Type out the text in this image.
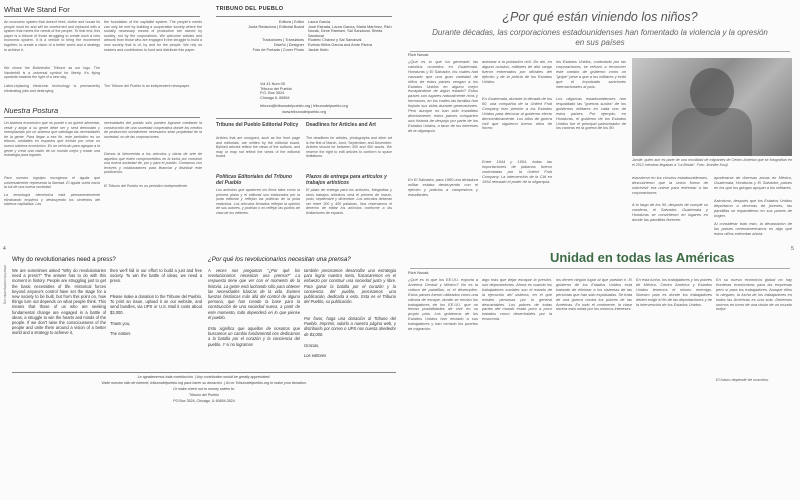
What We Stand For
An economic system that doesn't feed, clothe and house its people must be and will be overturned and replaced with a system that meets the needs of the people. To that end, this paper is a tribune of those struggling to create such a new economic system. It is a vehicle to bring the movement together, to create a vision of a better world and a strategy to achieve it.
We chose the Bolsheviks' Tribune as our logo. The Vanderbilt is a universal symbol for liberty. It's flying upwards towards the light of a new day.
Labor-replacing electronic technology is permanently eliminating jobs and destroying
the foundation of the capitalist system. The people's needs can only be met by building a cooperative society where the socially necessary means of production are owned by society, not by the corporations. We welcome articles and artwork from those who are engaged in the struggle to build a new society that is of, by and for the people. We rely on readers and contributors to fund and distribute this paper.
The Tribune del Pueblo is an independent newspaper.
Nuestra Postura
Un sistema económico que no puede o no quiere alimentar, vestir y alojar a su gente debe ser y será derrocado y reemplazado por un sistema que satisfaga las necesidades de la gente. Para llegar a ese fin, este periódico es un tribuno, unidades en espacios que luchan por crear un nuevo sistema económico. Es un vehículo para agrupar a la gente y crear una visión de un mundo mejor y trazar una estrategia para lograrlo.
Para nuestro logotipo escogimos el águila que universalmente representa la libertad. El águila vuela hacia la luz de una nueva sociedad.
La tecnología electrónica está permanentemente eliminando empleos y destruyendo los cimientos del sistema capitalista. Las
necesidades del pueblo sólo pueden lograrse mediante la construcción de una sociedad cooperativa donde los medios de producción socialmente necesarios sean propiedad de la sociedad, no de las corporaciones.
Damos la bienvenida a los artículos y obras de arte de aquellos que estén comprometidos en la lucha por construir una nueva sociedad de, por y para el pueblo. Contamos con lectores y colaboradores para financiar y distribuir este publicación.
El Tribuno del Pueblo es un periódico independiente.
TRIBUNO DEL PUEBLO
Editora | Editor	Laura García
Junta Redactora | Editorial Board	José Estrada, Laura García, Marla Martínez, Rich Novak, Dene Ramsen, Sal Sandoval, Sheila Sandoval
Traductores | Translators	Roderic Chávez y Sal Sandoval
Diseño | Designer	Evelda Hibbs García and Arnie Rivera
Foto de Portada | Cover Photo	Jackie Kiefo
Vol 41 Num 05
Tribuno del Pueblo
P.O. Box 3524
Chicago IL 60654
tribuno@tribunodelpueblo.org | tribunodelpueblo.org
www.tribunodelpueblo.org
Tribune del Pueblo Editorial Policy
Articles that are unsigned, such as the front page and editorials, are written by the editorial board. Bylined articles reflect the views of the authors, and may or may not reflect the views of the editorial board.
Deadlines for Articles and Art
The deadlines for articles, photographs and other art is the first of March, June, September, and December. Articles should be between 300 and 400 words. We reserve the right to edit articles to conform to space limitations.
Políticas Editoriales del Tribuno del Pueblo
Los artículos que aparecen sin firma tales como la primera plana y el editorial son elaborados por la junta editorial y reflejan las políticas de la junta redactora. Los artículos firmados reflejan la opinión de sus autores, y podrían o no reflejar las puntos de vista de los editores.
Plazos de entrega para artículos y trabajos artísticos
El plazo de entrega para los artículos, fotografías y otros trabajos artísticos será el primero de marzo, junio, septiembre y diciembre. Los artículos deberán ser entre 300 y 400 palabras. Nos reservamos el derecho de editar los artículos conforme a las limitaciones de espacio.
4
www.tribunodelpueblo.org
Why do revolutionaries need a press?
We are sometimes asked "Why do revolutionaries need a press?" The answer has to do with this moment in history. People are struggling just to get the basic necessities of life. Historical forces beyond anyone's control have set the stage for a new society to be built, but from this point on, how things turn out depends on what people think. This means that those of us who are seeking fundamental change are engaged in a battle of ideas, a struggle to win the hearts and minds of the people. If we don't raise the consciousness of the people and unite them around a vision of a better world and a strategy to achieve it,
then we'll fail in our effort to build a just and free society. To win the battle of ideas, we need a press.
Please make a donation to the Tribune del Pueblo. To print an issue, upload it on our website, and send bundles, via UPS or U.S. Mail it costs about $3,000.
Thank you,
The editors
¿Por qué los revolucionarios necesitan una prensa?
A veces nos preguntan "¿Por qué los revolucionarios necesitan una prensa?" La respuesta tiene que ver con el momento de la historia. La gente está luchando sólo para obtener las necesidades básicas de la vida. Existen fuerzas históricas más allá del control de alguna persona, que han creado la base para la construcción de una sociedad nueva, a partir de este momento, todo dependerá en lo que piense el pueblo.
Esto significa que aquellos de nosotros que buscamos un cambio fundamental nos dedicamos a la batalla por el corazón y la conciencia del pueblo. Y si no logramos
también precisamos desarrollar una estrategia para lograr nuestra meta, fracasaremos en el esfuerzo por construir una sociedad justa y libre. Para ganar la batalla por el corazón y la conciencia del pueblo, precisamos una publicación, dedicada a esto. Esta es el Tribuno del Pueblo, su publicación.
Por favor, haga una donación al Tribuno del Pueblo. Imprimir, subirlo a nuestra página web, y distribuirlo por correo o UPS nos cuesta alrededor de $3,000.
Gracias,
Los editores
Le agradecemos toda contribución. | Any contribution would be greatly appreciated.
Visite nuestro sitio de internet, tribunodelpueblo.org para hacer su donación. | Go to Tribunodelpueblo.org to make your donation.
Or make check out to money orders to:
Tribuno del Pueblo
PO Box 3524, Chicago, IL 60654-3524
¿Por qué están viniendo los niños?
Durante décadas, las corporaciones estadounidenses han fomentado la violencia y la opresión en sus países
Rich Novak
¿Qué es lo que ha generado las cambios ocurridos en Guatemala, Honduras y El Salvador, los cuales han causado que una gran cantidad de niños de estos países vengan a los Estados Unidos en alguno mejor escapándose de algún estado? Estos países son lugares naturalmente ricos y hermosos, en los cuales las familias han forjado sus vidas durante generaciones. Pero aunque no han sido invadidos directamente, estos países comparten una historia de despojo por parte de los Estados Unidos, a favor de los intereses de la oligarquía.
En El Salvador, para 1980 una dictadura militar estaba destruyendo con el ejército y policías a campesinos y estudiantes.
asesinar a la población civil. De ahí, en alguna ocasión, militares de alto rango fueron entrenados por oficiales del ejército y de la policía de los Estados Unidos.
En Guatemala, durante la década de los 50, una compañía de la United Fruit Company hizo presión a los Estados Unidos para derrocar al gobierno electo democráticamente. Los años de guerra civil que siguieron fueron años de horror.
Entre 1944 y 1954, todas las importaciones de plátanos fueron controladas por la United Fruit Company. La intervención de la CIA en 1954 reinstaló el poder de la oligarquía.
los Estados Unidos, controlado por las corporaciones, se reforzó a reconocer este cambio de gobierno como un "golpe" pese a que a los militares y evitó que el impulsado sanciones internacionales al país.
Los oligarcas estadounidenses han respaldado las "guerras sucias" de los gobiernos militares en cada uno de estos países. Por ejemplo, en Honduras, el gobierno de los Estados Unidos fue el principal patrocinador de los contras en la guerra de los 80.
Jamilé, quien aún es parte de una movilidad de migrantes de Centro América que se fotografían en el 2012 mientras llegaban a "La Bestia". Foto: Jennifer Kouji
estuvieron en los círculos estadounidenses, descubrieron que la única forma de sobrevivir era unirse para enfrentar a las corporaciones.
A lo largo de los 90, después de cumplir su condena, el Salvador, Guatemala y Honduras se convirtieron en lugares en donde las pandillas florecen.
apoderarse de diversas zonas en México, Guatemala, Honduras y El Salvador, países en los que los gringos apoyan a los militares.
Asimismo, después que los Estados Unidos deportaron a decenas de jóvenes, las pandillas se expandieron en sus países de origen.
Al considerar todo esto, la devastación de los países centroamericanos es algo que estos niños enfrentan ahora.
5
Unidad en todas las Américas
Rich Novak
¿Qué es lo que los EE.UU. exporta a América Central y México? No es la cultura de pandillas, ni el desempleo. Estos países fueron utilizados como una válvula de escape, donde se envían los trabajadores de los EE.UU. que no tenían posibilidades de vivir en su propio país. Los gobiernos de los Estados Unidos han enviado a sus trabajadores y han cerrado los puertos de migración.
algo más que dejar escapar la presión, son deportaciones. Ahora es cuando los trabajadores sociales son el estado de la ejecución del sistema, en el que existen personas por lo general descartables. Los pobres de todas partes del mundo están poco a poco tratados como desechables por la economía.
los tienen ningún lugar al que puedan ir. El gobierno de los Estados Unidos está tratando de eliminar a los sistemas de las personas que han sido expulsadas. Se trata de una guerra contra los pobres de las Américas. En todo el continente, la clase obrera está unida por los mismos intereses.
En esta lucha, los trabajadores y los pobres de México, Centro América y Estados Unidos tenemos el mismo enemigo. Nuestro país es donde los trabajadores deben exigir el fin de las deportaciones y de la intervención de los Estados Unidos.
En su nueva economía global no hay fronteras económicas para las empresas pero sí para los trabajadores. Aunque ellos lo nieguen, la lucha de los trabajadores en todas las Américas es una sola. Debemos unirnos en torno de una visión de un mundo mejor.
El futuro depende de nosotros.
